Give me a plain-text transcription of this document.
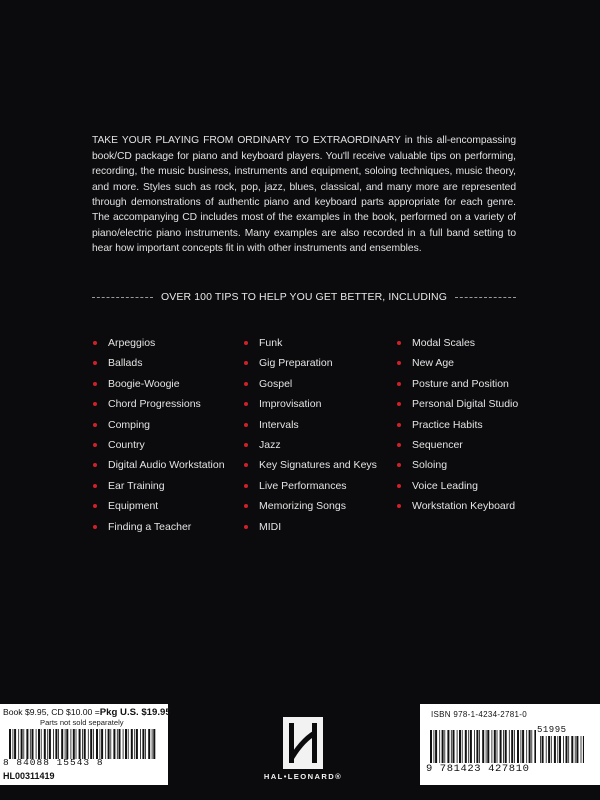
TAKE YOUR PLAYING FROM ORDINARY TO EXTRAORDINARY in this all-encompassing book/CD package for piano and keyboard players. You'll receive valuable tips on performing, recording, the music business, instruments and equipment, soloing techniques, music theory, and more. Styles such as rock, pop, jazz, blues, classical, and many more are represented through demonstrations of authentic piano and keyboard parts appropriate for each genre. The accompanying CD includes most of the examples in the book, performed on a variety of piano/electric piano instruments. Many examples are also recorded in a full band setting to hear how important concepts fit in with other instruments and ensembles.

OVER 100 TIPS TO HELP YOU GET BETTER, INCLUDING
Arpeggios
Ballads
Boogie-Woogie
Chord Progressions
Comping
Country
Digital Audio Workstation
Ear Training
Equipment
Finding a Teacher
Funk
Gig Preparation
Gospel
Improvisation
Intervals
Jazz
Key Signatures and Keys
Live Performances
Memorizing Songs
MIDI
Modal Scales
New Age
Posture and Position
Personal Digital Studio
Practice Habits
Sequencer
Soloing
Voice Leading
Workstation Keyboard
Book $9.95, CD $10.00 =Pkg U.S. $19.95
Parts not sold separately
8 84088 15543 8
HL00311419	HAL•LEONARD®
ISBN 978-1-4234-2781-0
51995
9 781423 427810
